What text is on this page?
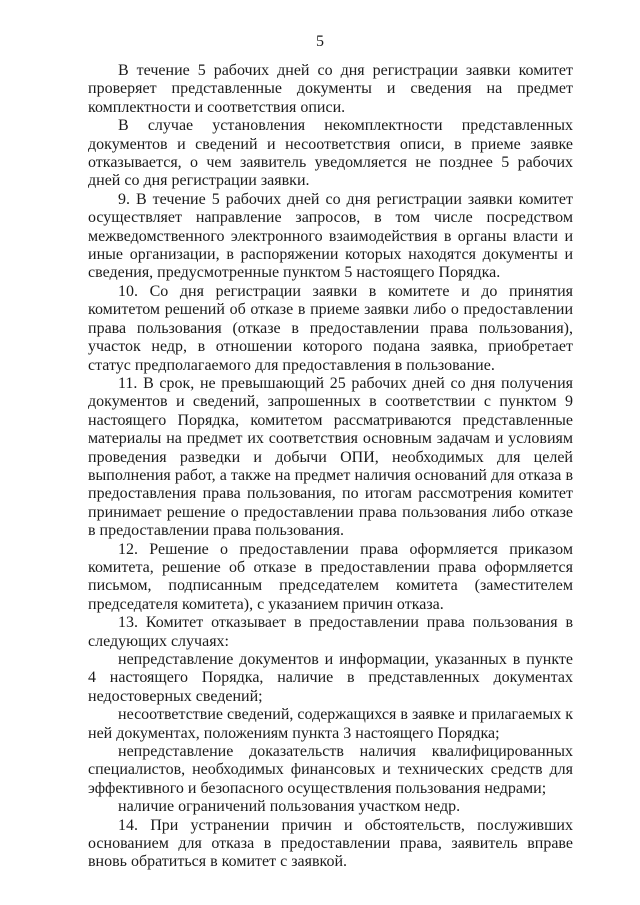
5

В течение 5 рабочих дней со дня регистрации заявки комитет проверяет представленные документы и сведения на предмет комплектности и соответствия описи.

В случае установления некомплектности представленных документов и сведений и несоответствия описи, в приеме заявке отказывается, о чем заявитель уведомляется не позднее 5 рабочих дней со дня регистрации заявки.

9. В течение 5 рабочих дней со дня регистрации заявки комитет осуществляет направление запросов, в том числе посредством межведомственного электронного взаимодействия в органы власти и иные организации, в распоряжении которых находятся документы и сведения, предусмотренные пунктом 5 настоящего Порядка.

10. Со дня регистрации заявки в комитете и до принятия комитетом решений об отказе в приеме заявки либо о предоставлении права пользования (отказе в предоставлении права пользования), участок недр, в отношении которого подана заявка, приобретает статус предполагаемого для предоставления в пользование.

11. В срок, не превышающий 25 рабочих дней со дня получения документов и сведений, запрошенных в соответствии с пунктом 9 настоящего Порядка, комитетом рассматриваются представленные материалы на предмет их соответствия основным задачам и условиям проведения разведки и добычи ОПИ, необходимых для целей выполнения работ, а также на предмет наличия оснований для отказа в предоставления права пользования, по итогам рассмотрения комитет принимает решение о предоставлении права пользования либо отказе в предоставлении права пользования.

12. Решение о предоставлении права оформляется приказом комитета, решение об отказе в предоставлении права оформляется письмом, подписанным председателем комитета (заместителем председателя комитета), с указанием причин отказа.

13. Комитет отказывает в предоставлении права пользования в следующих случаях:

непредставление документов и информации, указанных в пункте 4 настоящего Порядка, наличие в представленных документах недостоверных сведений;

несоответствие сведений, содержащихся в заявке и прилагаемых к ней документах, положениям пункта 3 настоящего Порядка;

непредставление доказательств наличия квалифицированных специалистов, необходимых финансовых и технических средств для эффективного и безопасного осуществления пользования недрами;

наличие ограничений пользования участком недр.

14. При устранении причин и обстоятельств, послуживших основанием для отказа в предоставлении права, заявитель вправе вновь обратиться в комитет с заявкой.
